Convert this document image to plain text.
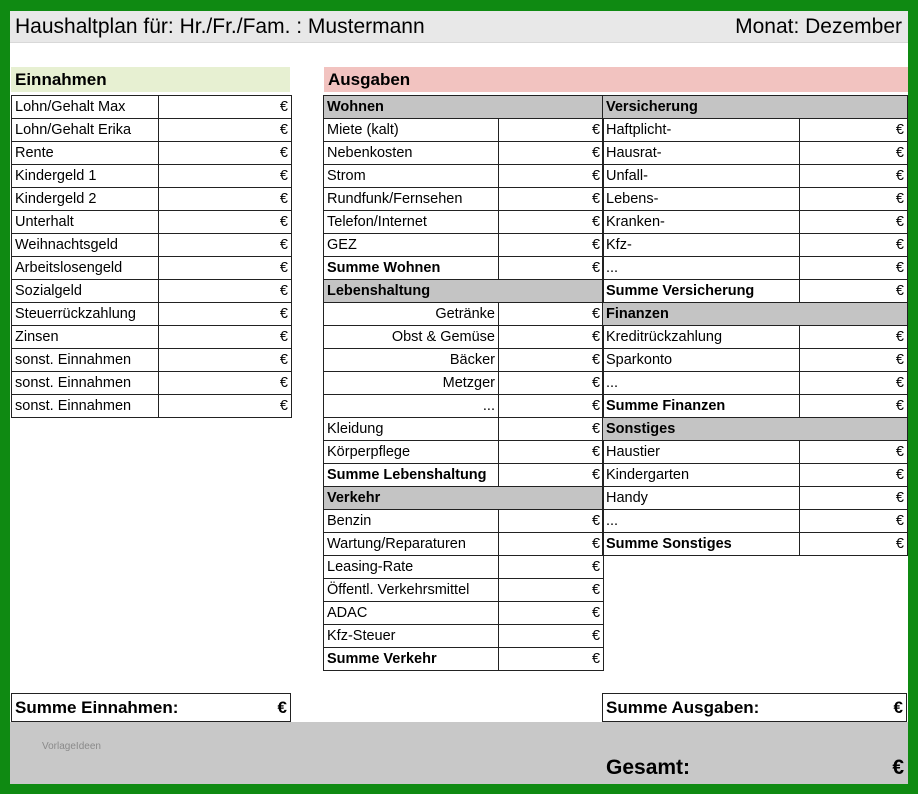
Haushaltplan für: Hr./Fr./Fam. : Mustermann	Monat: Dezember
Einnahmen	Ausgaben
Lohn/Gehalt Max	€
Lohn/Gehalt Erika	€
Rente	€
Kindergeld 1	€
Kindergeld 2	€
Unterhalt	€
Weihnachtsgeld	€
Arbeitslosengeld	€
Sozialgeld	€
Steuerrückzahlung	€
Zinsen	€
sonst. Einnahmen	€
sonst. Einnahmen	€
sonst. Einnahmen	€
Wohnen	
Miete (kalt)	€
Nebenkosten	€
Strom	€
Rundfunk/Fernsehen	€
Telefon/Internet	€
GEZ	€
Summe Wohnen	€
Lebenshaltung	
Getränke	€
Obst & Gemüse	€
Bäcker	€
Metzger	€
...	€
Kleidung	€
Körperpflege	€
Summe Lebenshaltung	€
Verkehr	
Benzin	€
Wartung/Reparaturen	€
Leasing-Rate	€
Öffentl. Verkehrsmittel	€
ADAC	€
Kfz-Steuer	€
Summe Verkehr	€
Versicherung	
Haftplicht-	€
Hausrat-	€
Unfall-	€
Lebens-	€
Kranken-	€
Kfz-	€
...	€
Summe Versicherung	€
Finanzen	
Kreditrückzahlung	€
Sparkonto	€
...	€
Summe Finanzen	€
Sonstiges	
Haustier	€
Kindergarten	€
Handy	€
...	€
Summe Sonstiges	€
Summe Einnahmen:	€	Summe Ausgaben:	€
VorlageIdeen
Gesamt:	€
